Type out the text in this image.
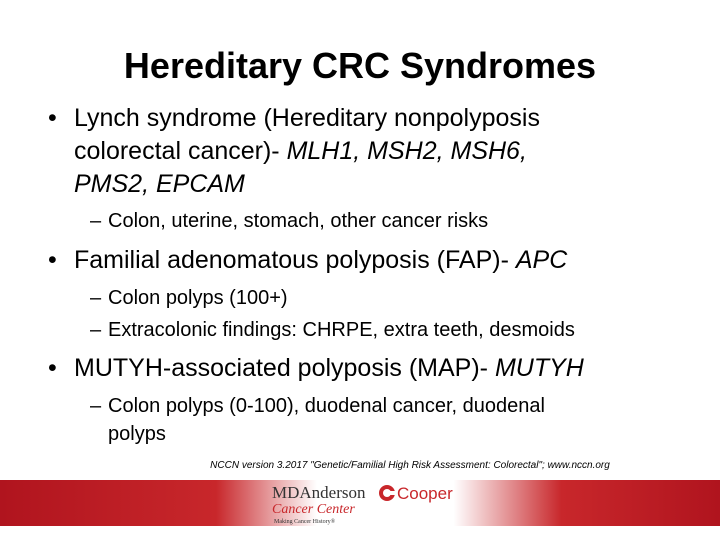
Hereditary CRC Syndromes
• Lynch syndrome (Hereditary nonpolyposis
colorectal cancer)- MLH1, MSH2, MSH6,
PMS2, EPCAM
– Colon, uterine, stomach, other cancer risks
• Familial adenomatous polyposis (FAP)- APC
– Colon polyps (100+)
– Extracolonic findings: CHRPE, extra teeth, desmoids
• MUTYH-associated polyposis (MAP)- MUTYH
– Colon polyps (0-100), duodenal cancer, duodenal
polyps
NCCN version 3.2017 "Genetic/Familial High Risk Assessment: Colorectal"; www.nccn.org
MDAnderson
Cancer Center
Making Cancer History®
Cooper
